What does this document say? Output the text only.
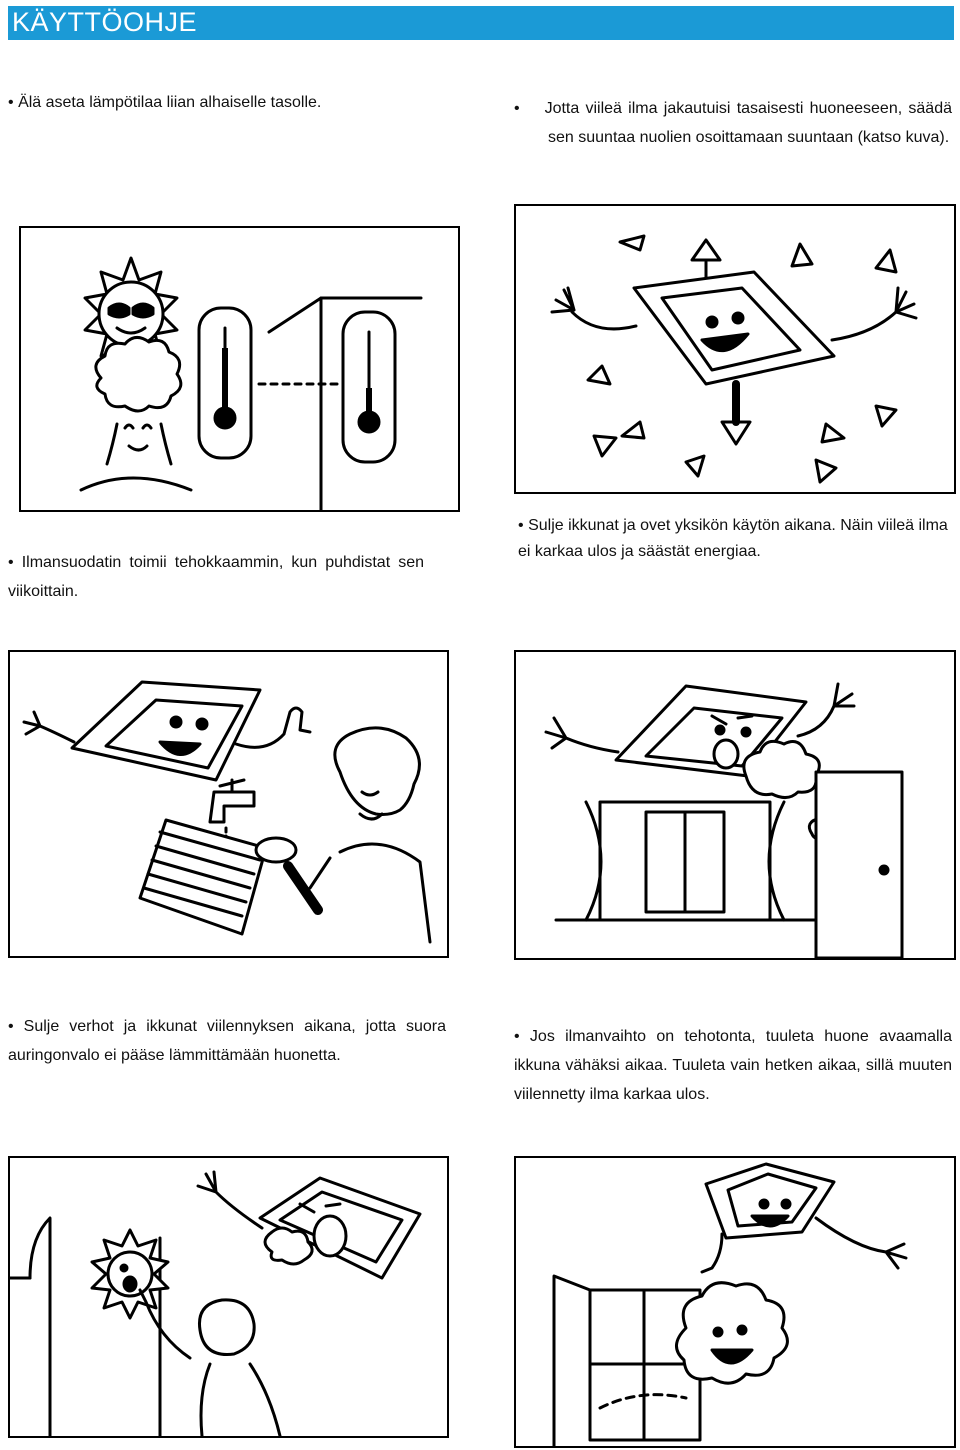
KÄYTTÖOHJE
• Älä aseta lämpötilaa liian alhaiselle tasolle.	• Jotta viileä ilma jakautuisi tasaisesti huoneeseen, säädä sen suuntaa nuolien osoittamaan suuntaan (katso kuva).
• Ilmansuodatin toimii tehokkaammin, kun puhdistat sen viikoittain.
• Sulje ikkunat ja ovet yksikön käytön aikana. Näin viileä ilma ei karkaa ulos ja säästät energiaa.
• Sulje verhot ja ikkunat viilennyksen aikana, jotta suora auringonvalo ei pääse lämmittämään huonetta.
• Jos ilmanvaihto on tehotonta, tuuleta huone avaamalla ikkuna vähäksi aikaa. Tuuleta vain hetken aikaa, sillä muuten viilennetty ilma karkaa ulos.
